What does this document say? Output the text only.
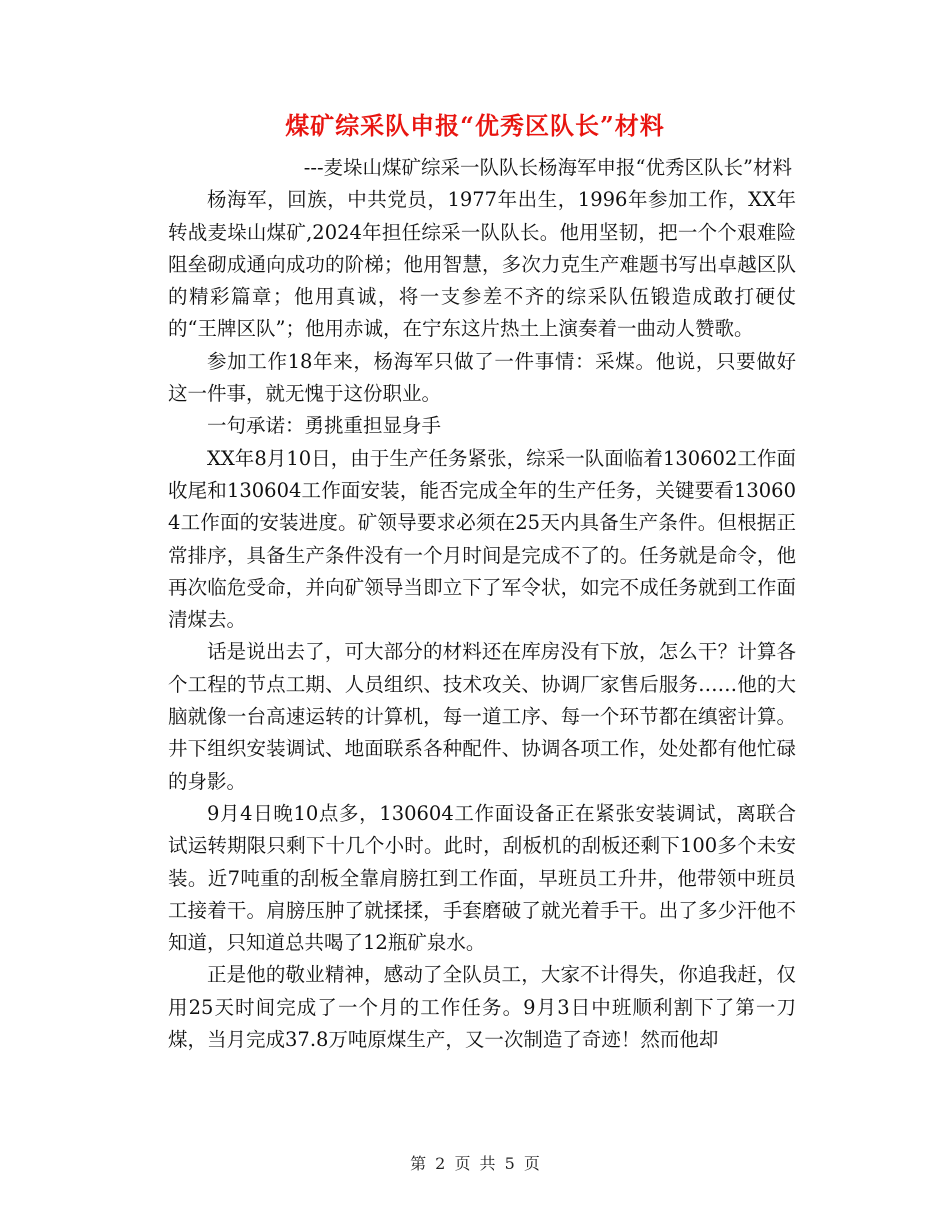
煤矿综采队申报“优秀区队长”材料

---麦垛山煤矿综采一队队长杨海军申报“优秀区队长”材料

杨海军，回族，中共党员，1977年出生，1996年参加工作，XX年转战麦垛山煤矿,2024年担任综采一队队长。他用坚韧，把一个个艰难险阻垒砌成通向成功的阶梯；他用智慧，多次力克生产难题书写出卓越区队的精彩篇章；他用真诚，将一支参差不齐的综采队伍锻造成敢打硬仗的“王牌区队”；他用赤诚，在宁东这片热土上演奏着一曲动人赞歌。

参加工作18年来，杨海军只做了一件事情：采煤。他说，只要做好这一件事，就无愧于这份职业。

一句承诺：勇挑重担显身手

XX年8月10日，由于生产任务紧张，综采一队面临着130602工作面收尾和130604工作面安装，能否完成全年的生产任务，关键要看130604工作面的安装进度。矿领导要求必须在25天内具备生产条件。但根据正常排序，具备生产条件没有一个月时间是完成不了的。任务就是命令，他再次临危受命，并向矿领导当即立下了军令状，如完不成任务就到工作面清煤去。

话是说出去了，可大部分的材料还在库房没有下放，怎么干？计算各个工程的节点工期、人员组织、技术攻关、协调厂家售后服务……他的大脑就像一台高速运转的计算机，每一道工序、每一个环节都在缜密计算。井下组织安装调试、地面联系各种配件、协调各项工作，处处都有他忙碌的身影。

9月4日晚10点多，130604工作面设备正在紧张安装调试，离联合试运转期限只剩下十几个小时。此时，刮板机的刮板还剩下100多个未安装。近7吨重的刮板全靠肩膀扛到工作面，早班员工升井，他带领中班员工接着干。肩膀压肿了就揉揉，手套磨破了就光着手干。出了多少汗他不知道，只知道总共喝了12瓶矿泉水。

正是他的敬业精神，感动了全队员工，大家不计得失，你追我赶，仅用25天时间完成了一个月的工作任务。9月3日中班顺利割下了第一刀煤，当月完成37.8万吨原煤生产，又一次制造了奇迹！然而他却

第 2 页 共 5 页
